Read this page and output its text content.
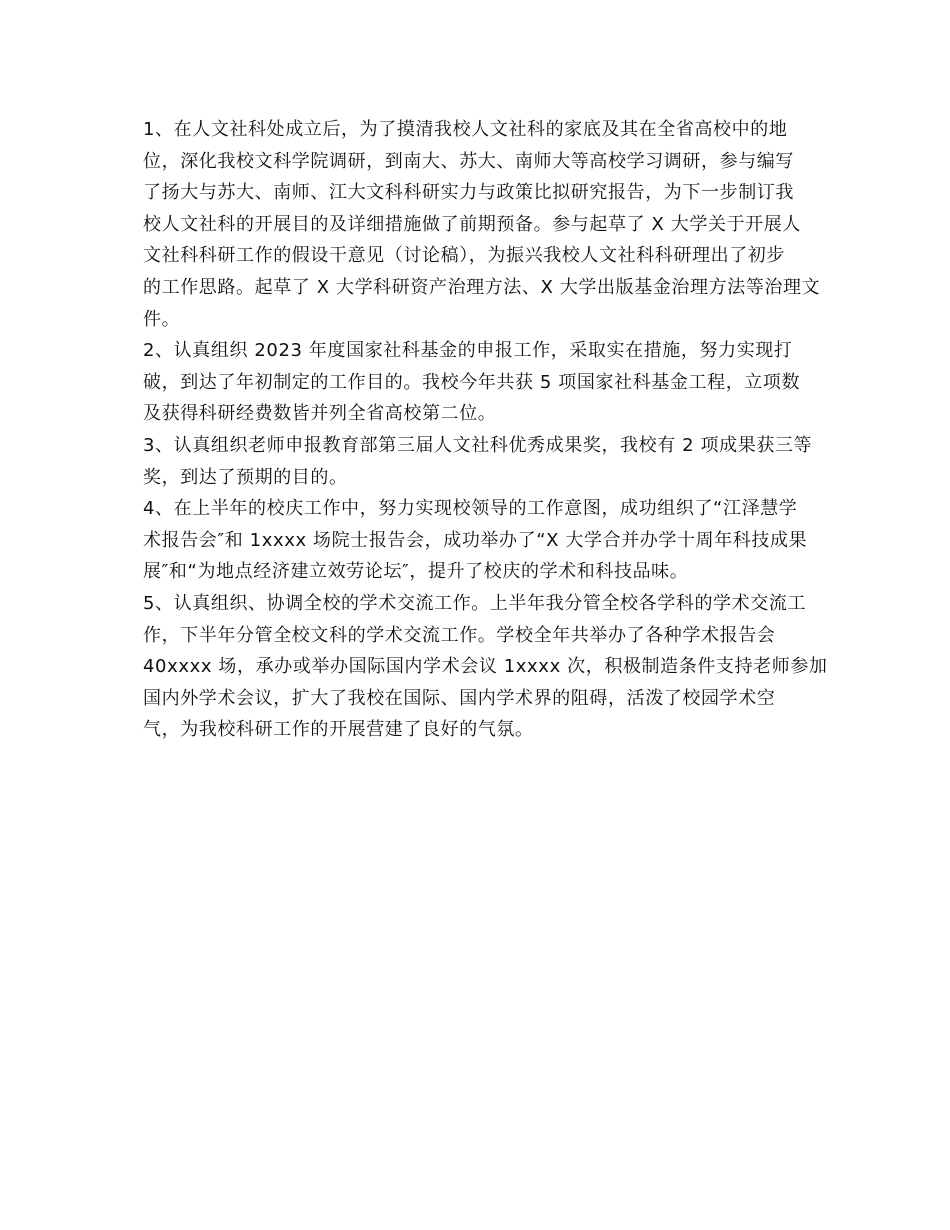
1、在人文社科处成立后，为了摸清我校人文社科的家底及其在全省高校中的地
位，深化我校文科学院调研，到南大、苏大、南师大等高校学习调研，参与编写
了扬大与苏大、南师、江大文科科研实力与政策比拟研究报告，为下一步制订我
校人文社科的开展目的及详细措施做了前期预备。参与起草了 X 大学关于开展人
文社科科研工作的假设干意见（讨论稿），为振兴我校人文社科科研理出了初步
的工作思路。起草了 X 大学科研资产治理方法、X 大学出版基金治理方法等治理文
件。
2、认真组织 2023 年度国家社科基金的申报工作，采取实在措施，努力实现打
破，到达了年初制定的工作目的。我校今年共获 5 项国家社科基金工程，立项数
及获得科研经费数皆并列全省高校第二位。
3、认真组织老师申报教育部第三届人文社科优秀成果奖，我校有 2 项成果获三等
奖，到达了预期的目的。
4、在上半年的校庆工作中，努力实现校领导的工作意图，成功组织了“江泽慧学
术报告会″和 1xxxx 场院士报告会，成功举办了“X 大学合并办学十周年科技成果
展″和“为地点经济建立效劳论坛″，提升了校庆的学术和科技品味。
5、认真组织、协调全校的学术交流工作。上半年我分管全校各学科的学术交流工
作，下半年分管全校文科的学术交流工作。学校全年共举办了各种学术报告会
40xxxx 场，承办或举办国际国内学术会议 1xxxx 次，积极制造条件支持老师参加
国内外学术会议，扩大了我校在国际、国内学术界的阻碍，活泼了校园学术空
气，为我校科研工作的开展营建了良好的气氛。
